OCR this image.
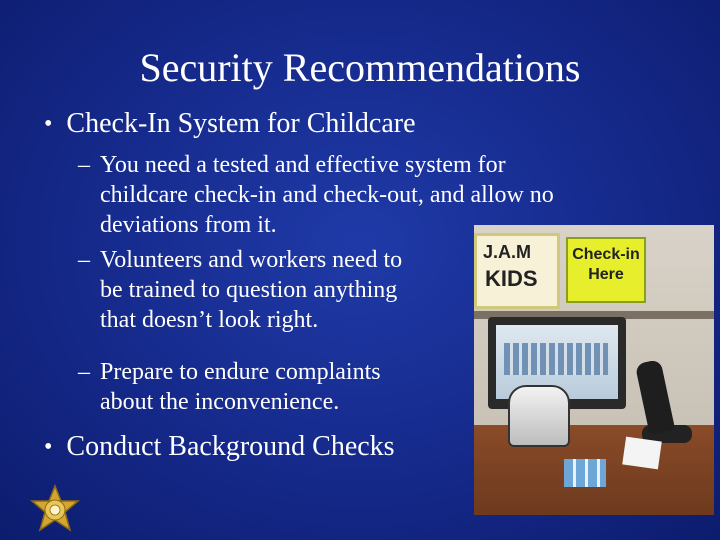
Security Recommendations
• Check-In System for Childcare
– You need a tested and effective system for
childcare check-in and check-out, and allow no
deviations from it.
– Volunteers and workers need to
be trained to question anything
that doesn’t look right.
– Prepare to endure complaints
about the inconvenience.
• Conduct Background Checks
J.A.M
KIDS
Check-in
Here
